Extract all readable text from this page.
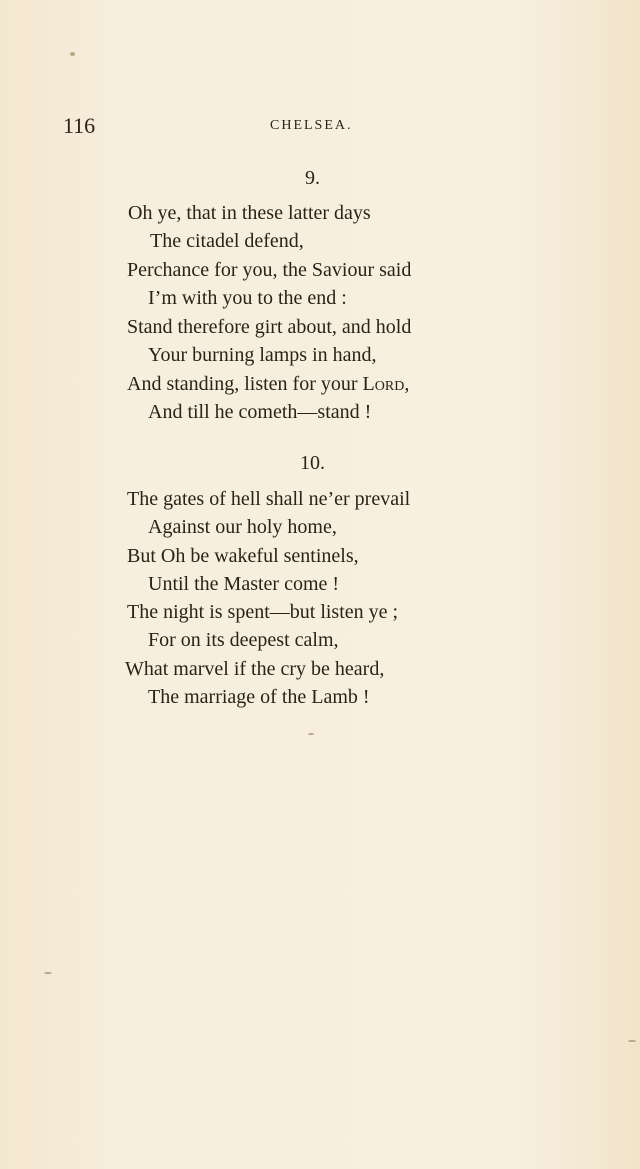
116	CHELSEA.
9.
Oh ye, that in these latter days
The citadel defend,
Perchance for you, the Saviour said
I’m with you to the end :
Stand therefore girt about, and hold
Your burning lamps in hand,
And standing, listen for your Lord,
And till he cometh—stand !
10.
The gates of hell shall ne’er prevail
Against our holy home,
But Oh be wakeful sentinels,
Until the Master come !
The night is spent—but listen ye ;
For on its deepest calm,
What marvel if the cry be heard,
The marriage of the Lamb !
